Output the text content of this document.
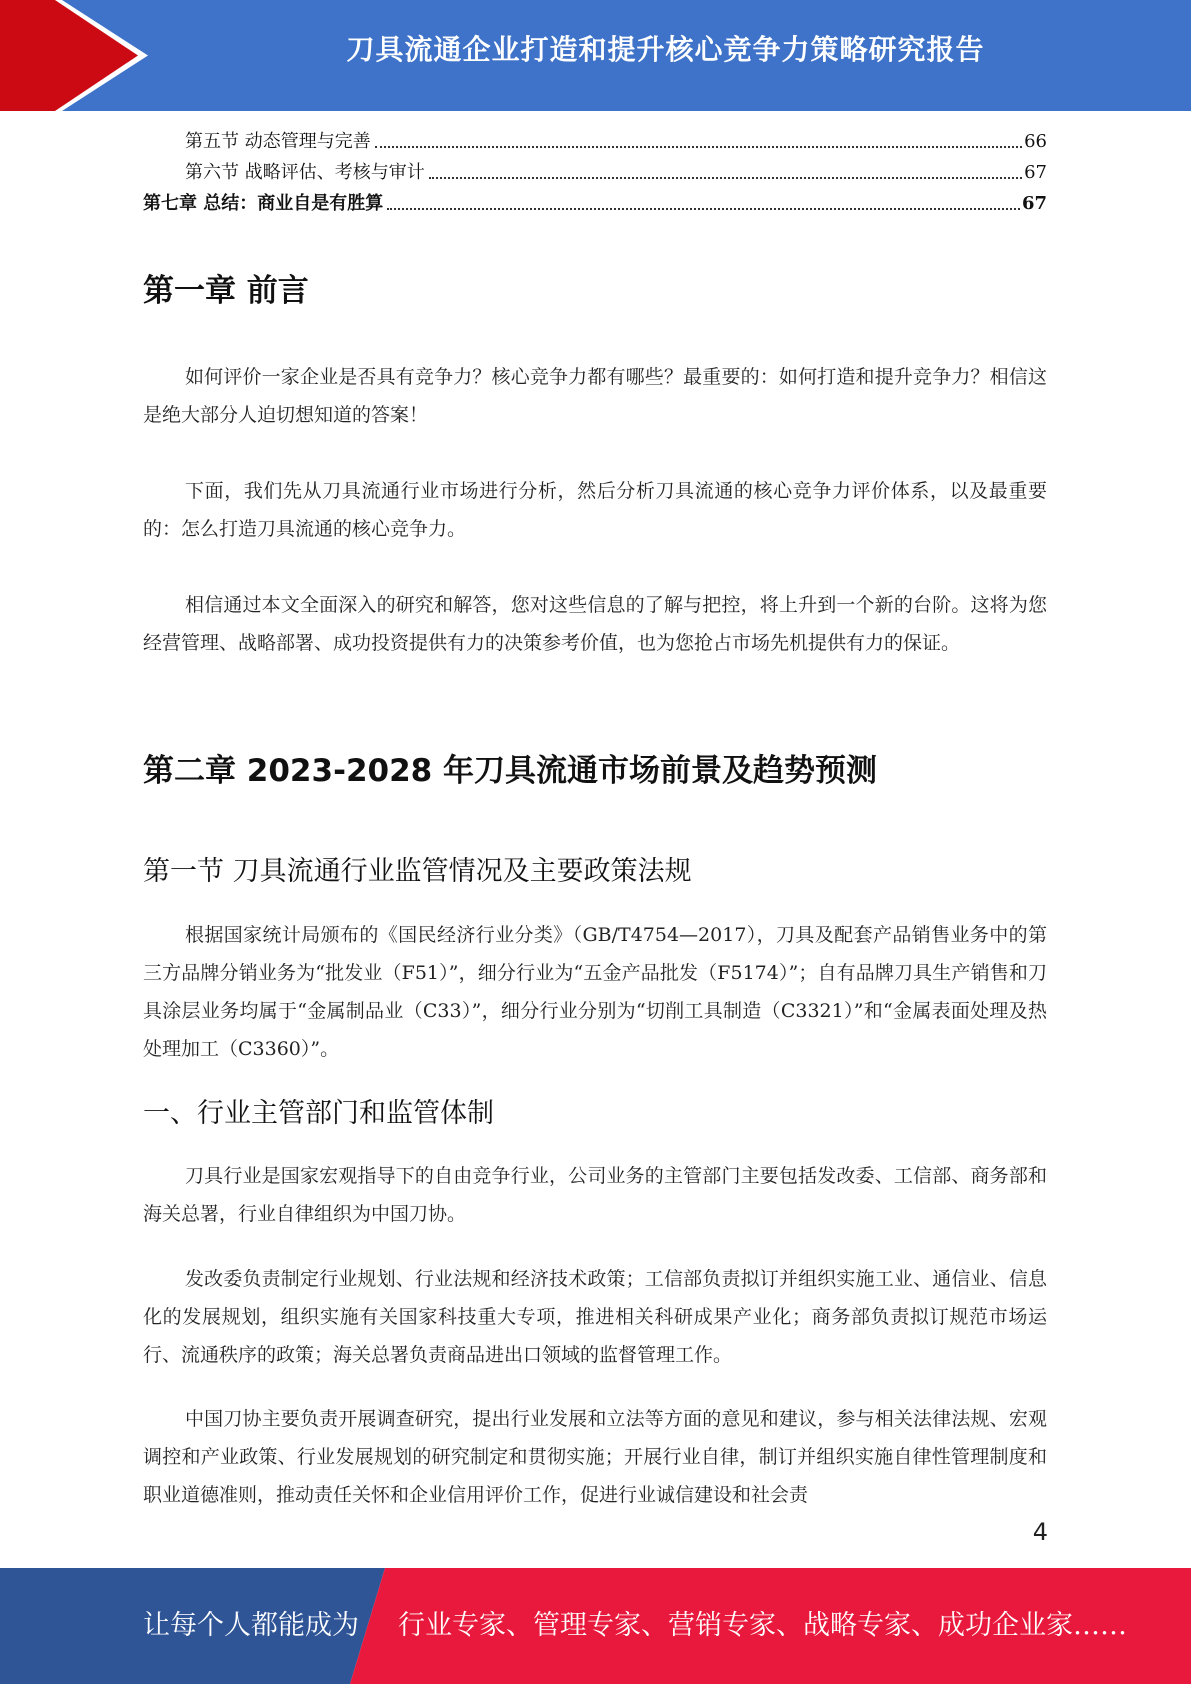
刀具流通企业打造和提升核心竞争力策略研究报告
第五节 动态管理与完善	66
第六节 战略评估、考核与审计	67
第七章 总结：商业自是有胜算	67
第一章 前言

如何评价一家企业是否具有竞争力？核心竞争力都有哪些？最重要的：如何打造和提升竞争力？相信这是绝大部分人迫切想知道的答案！

下面，我们先从刀具流通行业市场进行分析，然后分析刀具流通的核心竞争力评价体系，以及最重要的：怎么打造刀具流通的核心竞争力。

相信通过本文全面深入的研究和解答，您对这些信息的了解与把控，将上升到一个新的台阶。这将为您经营管理、战略部署、成功投资提供有力的决策参考价值，也为您抢占市场先机提供有力的保证。

第二章 2023-2028 年刀具流通市场前景及趋势预测
第一节 刀具流通行业监管情况及主要政策法规

根据国家统计局颁布的《国民经济行业分类》（GB/T4754—2017），刀具及配套产品销售业务中的第三方品牌分销业务为“批发业（F51）”，细分行业为“五金产品批发（F5174）”；自有品牌刀具生产销售和刀具涂层业务均属于“金属制品业（C33）”，细分行业分别为“切削工具制造（C3321）”和“金属表面处理及热处理加工（C3360）”。

一、行业主管部门和监管体制

刀具行业是国家宏观指导下的自由竞争行业，公司业务的主管部门主要包括发改委、工信部、商务部和海关总署，行业自律组织为中国刀协。

发改委负责制定行业规划、行业法规和经济技术政策；工信部负责拟订并组织实施工业、通信业、信息化的发展规划，组织实施有关国家科技重大专项，推进相关科研成果产业化；商务部负责拟订规范市场运行、流通秩序的政策；海关总署负责商品进出口领域的监督管理工作。

中国刀协主要负责开展调查研究，提出行业发展和立法等方面的意见和建议，参与相关法律法规、宏观调控和产业政策、行业发展规划的研究制定和贯彻实施；开展行业自律，制订并组织实施自律性管理制度和职业道德准则，推动责任关怀和企业信用评价工作，促进行业诚信建设和社会责

4
让每个人都能成为 行业专家、管理专家、营销专家、战略专家、成功企业家……
